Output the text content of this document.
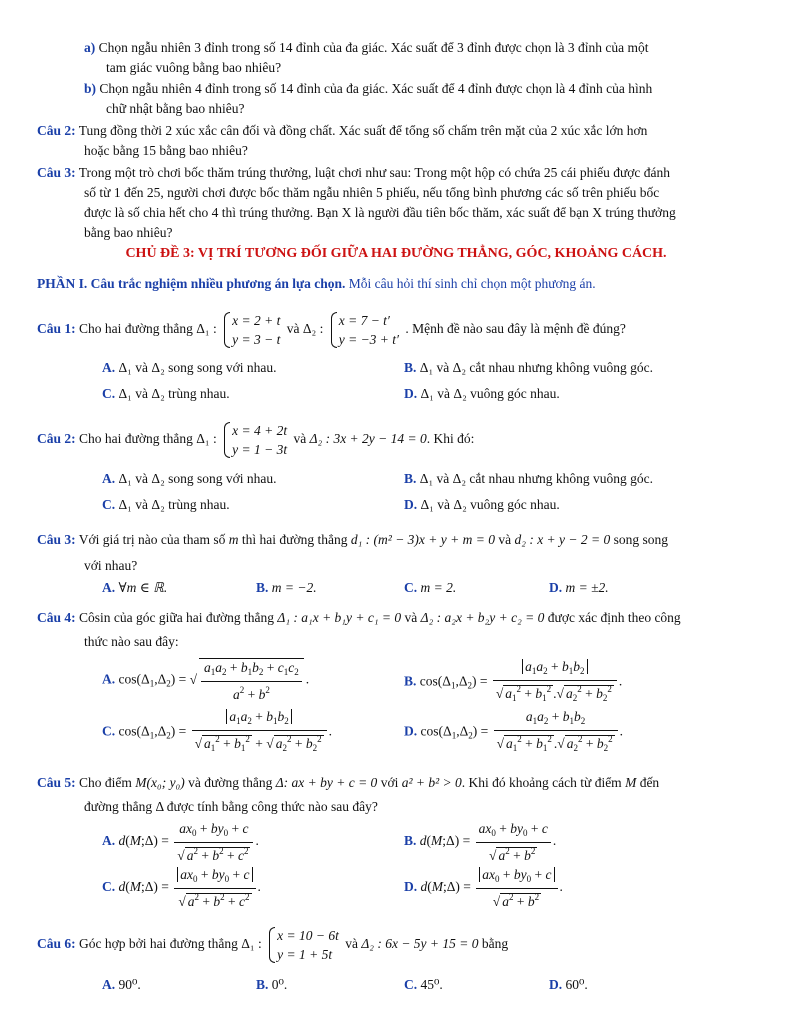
a) Chọn ngẫu nhiên 3 đỉnh trong số 14 đỉnh của đa giác. Xác suất để 3 đỉnh được chọn là 3 đỉnh của một
tam giác vuông bằng bao nhiêu?
b) Chọn ngẫu nhiên 4 đỉnh trong số 14 đỉnh của đa giác. Xác suất để 4 đỉnh được chọn là 4 đỉnh của hình
chữ nhật bằng bao nhiêu?
Câu 2: Tung đồng thời 2 xúc xắc cân đối và đồng chất. Xác suất để tổng số chấm trên mặt của 2 xúc xắc lớn hơn
hoặc bằng 15 bằng bao nhiêu?
Câu 3: Trong một trò chơi bốc thăm trúng thưởng, luật chơi như sau: Trong một hộp có chứa 25 cái phiếu được đánh
số từ 1 đến 25, người chơi được bốc thăm ngẫu nhiên 5 phiếu, nếu tổng bình phương các số trên phiếu bốc
được là số chia hết cho 4 thì trúng thưởng. Bạn X là người đầu tiên bốc thăm, xác suất để bạn X trúng thưởng
bằng bao nhiêu?
CHỦ ĐỀ 3: VỊ TRÍ TƯƠNG ĐỐI GIỮA HAI ĐƯỜNG THẲNG, GÓC, KHOẢNG CÁCH.
PHẦN I. Câu trắc nghiệm nhiều phương án lựa chọn. Mỗi câu hỏi thí sinh chỉ chọn một phương án.
Câu 1: Cho hai đường thẳng Δ₁ : x = 2 + t
y = 3 − t và Δ₂ : x = 7 − t′
y = −3 + t′ . Mệnh đề nào sau đây là mệnh đề đúng?
A. Δ₁ và Δ₂ song song với nhau.	B. Δ₁ và Δ₂ cắt nhau nhưng không vuông góc.
C. Δ₁ và Δ₂ trùng nhau.	D. Δ₁ và Δ₂ vuông góc nhau.
Câu 2: Cho hai đường thẳng Δ₁ : x = 4 + 2t
y = 1 − 3t và Δ₂ : 3x + 2y − 14 = 0. Khi đó:
A. Δ₁ và Δ₂ song song với nhau.	B. Δ₁ và Δ₂ cắt nhau nhưng không vuông góc.
C. Δ₁ và Δ₂ trùng nhau.	D. Δ₁ và Δ₂ vuông góc nhau.
Câu 3: Với giá trị nào của tham số m thì hai đường thẳng d₁ : (m² − 3)x + y + m = 0 và d₂ : x + y − 2 = 0 song song
với nhau?
A. ∀m ∈ ℝ.	B. m = −2.	C. m = 2.	D. m = ±2.
Câu 4: Côsin của góc giữa hai đường thẳng Δ₁ : a₁x + b₁y + c₁ = 0 và Δ₂ : a₂x + b₂y + c₂ = 0 được xác định theo công
thức nào sau đây:
A. $\cos(\Delta_1,\Delta_2)$ = √ $\frac{a_1a_2 + b_1b_2 + c_1c_2}{a^2 + b^2}$ .	B. $\cos(\Delta_1,\Delta_2) = \frac{a_1a_2 + b_1b_2}{√ a_1^2 + b_1^2 .√ a_2^2 + b_2^2}$ .
C. $\cos(\Delta_1,\Delta_2) = \frac{a_1a_2 + b_1b_2}{√ a_1^2 + b_1^2 + √ a_2^2 + b_2^2}$ .	D. $\cos(\Delta_1,\Delta_2) = \frac{a_1a_2 + b_1b_2}{√ a_1^2 + b_1^2 .√ a_2^2 + b_2^2}$ .
Câu 5: Cho điểm M(x₀; y₀) và đường thẳng Δ: ax + by + c = 0 với a² + b² > 0. Khi đó khoảng cách từ điểm M đến
đường thẳng Δ được tính bằng công thức nào sau đây?
A. d(M;Δ) = $\frac{ax_0 + by_0 + c}{√ a^2 + b^2 + c^2}$ .	B. d(M;Δ) = $\frac{ax_0 + by_0 + c}{√ a^2 + b^2}$ .
C. d(M;Δ) = $\frac{ax_0 + by_0 + c}{√ a^2 + b^2 + c^2}$ .	D. d(M;Δ) = $\frac{ax_0 + by_0 + c}{√ a^2 + b^2}$ .
Câu 6: Góc hợp bởi hai đường thẳng Δ₁ : x = 10 − 6t
y = 1 + 5t và Δ₂ : 6x − 5y + 15 = 0 bằng
A. 90⁰.	B. 0⁰.	C. 45⁰.	D. 60⁰.
